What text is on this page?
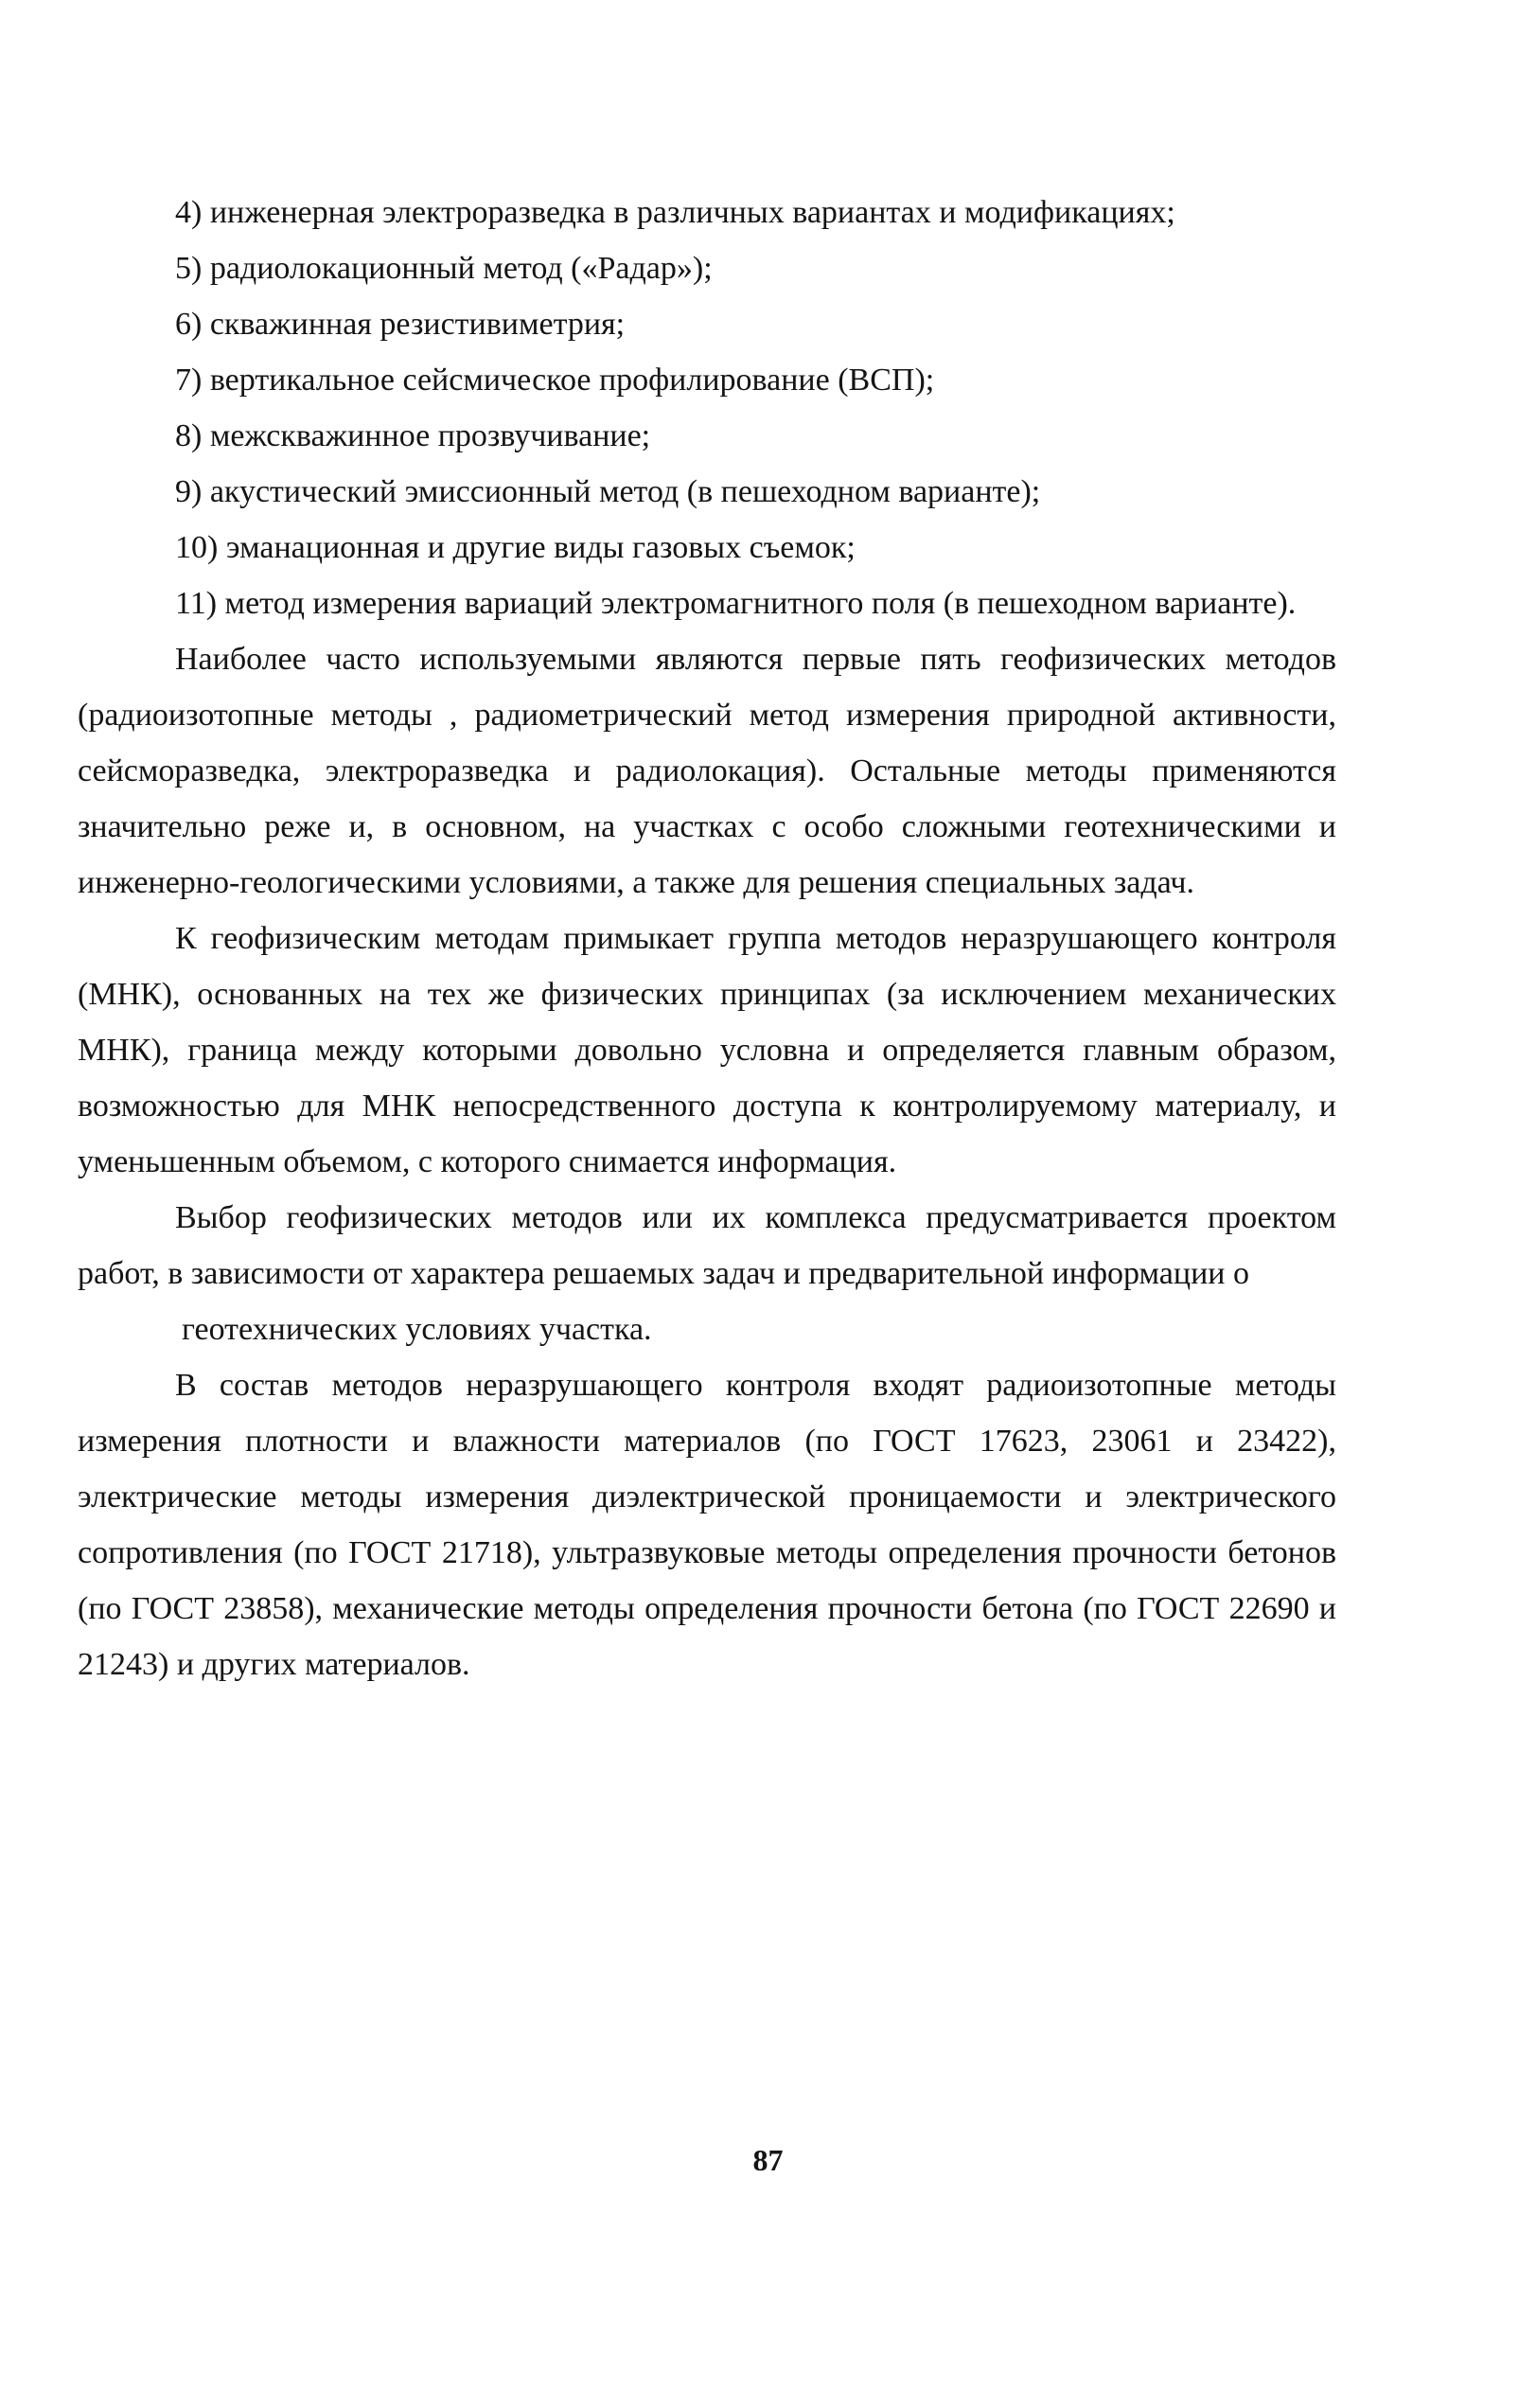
4) инженерная электроразведка в различных вариантах и модификациях;

5) радиолокационный метод («Радар»);

6) скважинная резистивиметрия;

7) вертикальное сейсмическое профилирование (ВСП);

8) межскважинное прозвучивание;

9) акустический эмиссионный метод (в пешеходном варианте);

10) эманационная и другие виды газовых съемок;

11) метод измерения вариаций электромагнитного поля (в пешеходном варианте).

Наиболее часто используемыми являются первые пять геофизических методов (радиоизотопные методы , радиометрический метод измерения природной активности, сейсморазведка, электроразведка и радиолокация). Остальные методы применяются значительно реже и, в основном, на участках с особо сложными геотехническими и инженерно-геологическими условиями, а также для решения специальных задач.

К геофизическим методам примыкает группа методов неразрушающего контроля (МНК), основанных на тех же физических принципах (за исключением механических МНК), граница между которыми довольно условна и определяется главным образом, возможностью для МНК непосредственного доступа к контролируемому материалу, и уменьшенным объемом, с которого снимается информация.

Выбор геофизических методов или их комплекса предусматривается проектом работ, в зависимости от характера решаемых задач и предварительной информации о

геотехнических условиях участка.

В состав методов неразрушающего контроля входят радиоизотопные методы измерения плотности и влажности материалов (по ГОСТ 17623, 23061 и 23422), электрические методы измерения диэлектрической проницаемости и электрического сопротивления (по ГОСТ 21718), ультразвуковые методы определения прочности бетонов (по ГОСТ 23858), механические методы определения прочности бетона (по ГОСТ 22690 и 21243) и других материалов.

87
